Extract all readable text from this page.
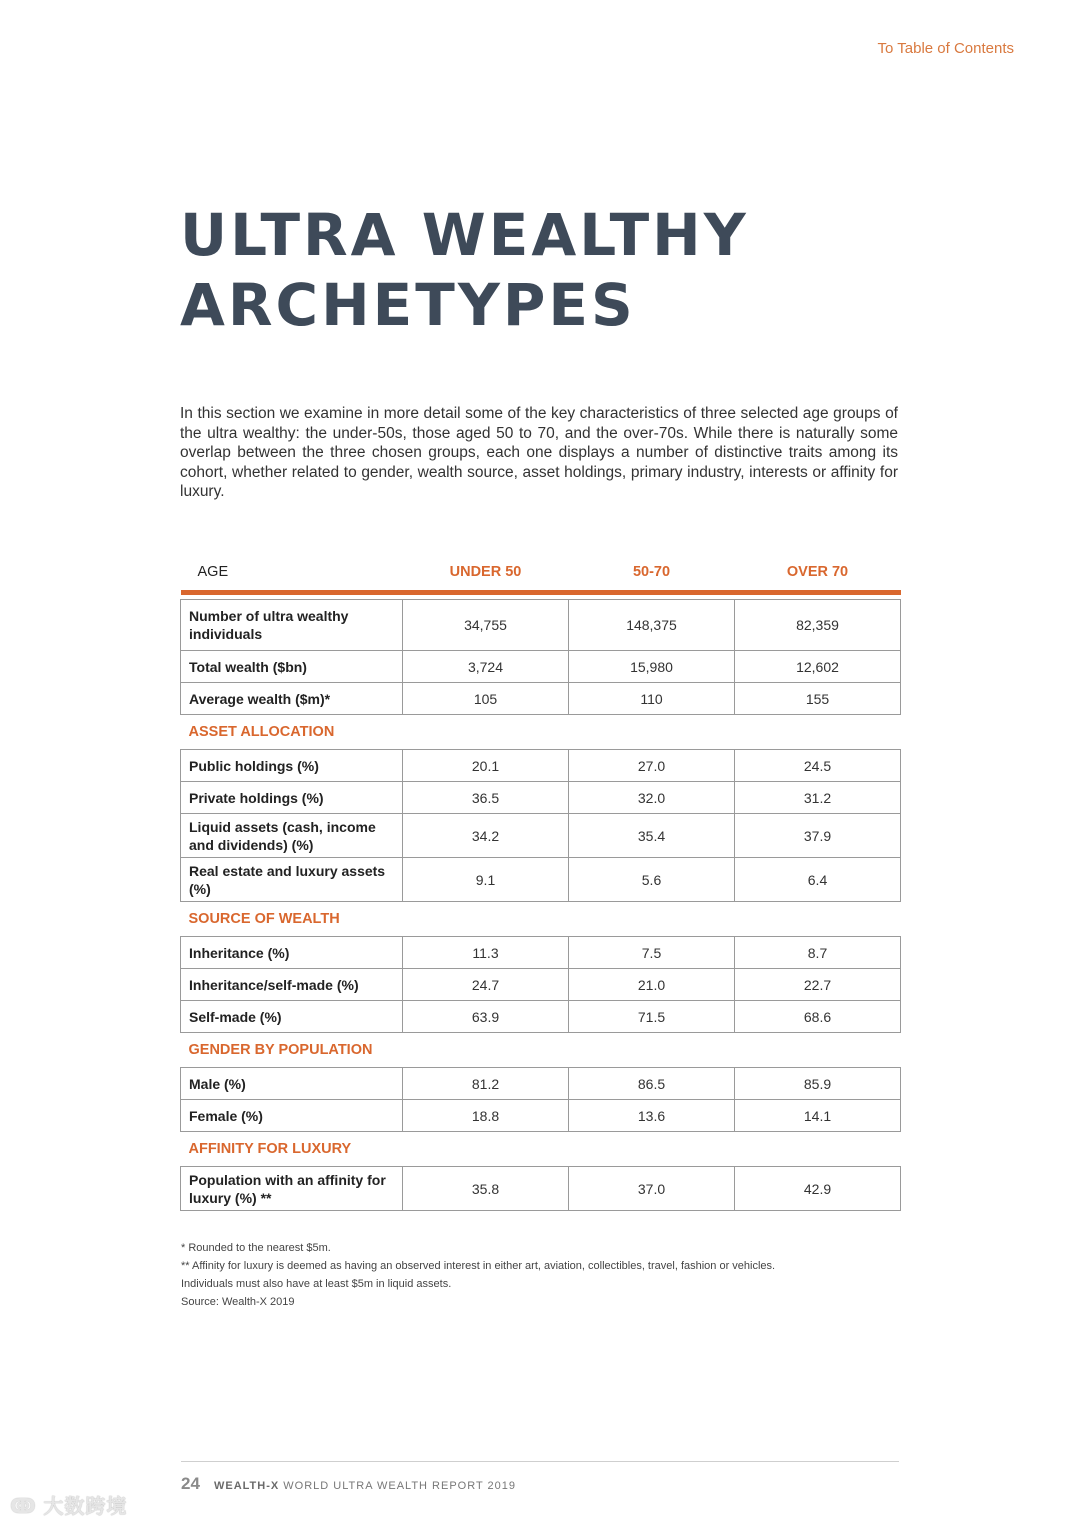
To Table of Contents
ULTRA WEALTHY
ARCHETYPES

In this section we examine in more detail some of the key characteristics of three selected age groups of the ultra wealthy: the under-50s, those aged 50 to 70, and the over-70s. While there is naturally some overlap between the three chosen groups, each one displays a number of distinctive traits among its cohort, whether related to gender, wealth source, asset holdings, primary industry, interests or affinity for luxury.

AGE	UNDER 50	50-70	OVER 70

Number of ultra wealthy individuals	34,755	148,375	82,359
Total wealth ($bn)	3,724	15,980	12,602
Average wealth ($m)*	105	110	155
ASSET ALLOCATION			
Public holdings (%)	20.1	27.0	24.5
Private holdings (%)	36.5	32.0	31.2
Liquid assets (cash, income and dividends) (%)	34.2	35.4	37.9
Real estate and luxury assets (%)	9.1	5.6	6.4
SOURCE OF WEALTH			
Inheritance (%)	11.3	7.5	8.7
Inheritance/self-made (%)	24.7	21.0	22.7
Self-made (%)	63.9	71.5	68.6
GENDER BY POPULATION			
Male (%)	81.2	86.5	85.9
Female (%)	18.8	13.6	14.1
AFFINITY FOR LUXURY			
Population with an affinity for luxury (%) **	35.8	37.0	42.9
* Rounded to the nearest $5m.
** Affinity for luxury is deemed as having an observed interest in either art, aviation, collectibles, travel, fashion or vehicles.
Individuals must also have at least $5m in liquid assets.
Source: Wealth-X 2019
24 WEALTH-X WORLD ULTRA WEALTH REPORT 2019
ↂ 大数跨境
